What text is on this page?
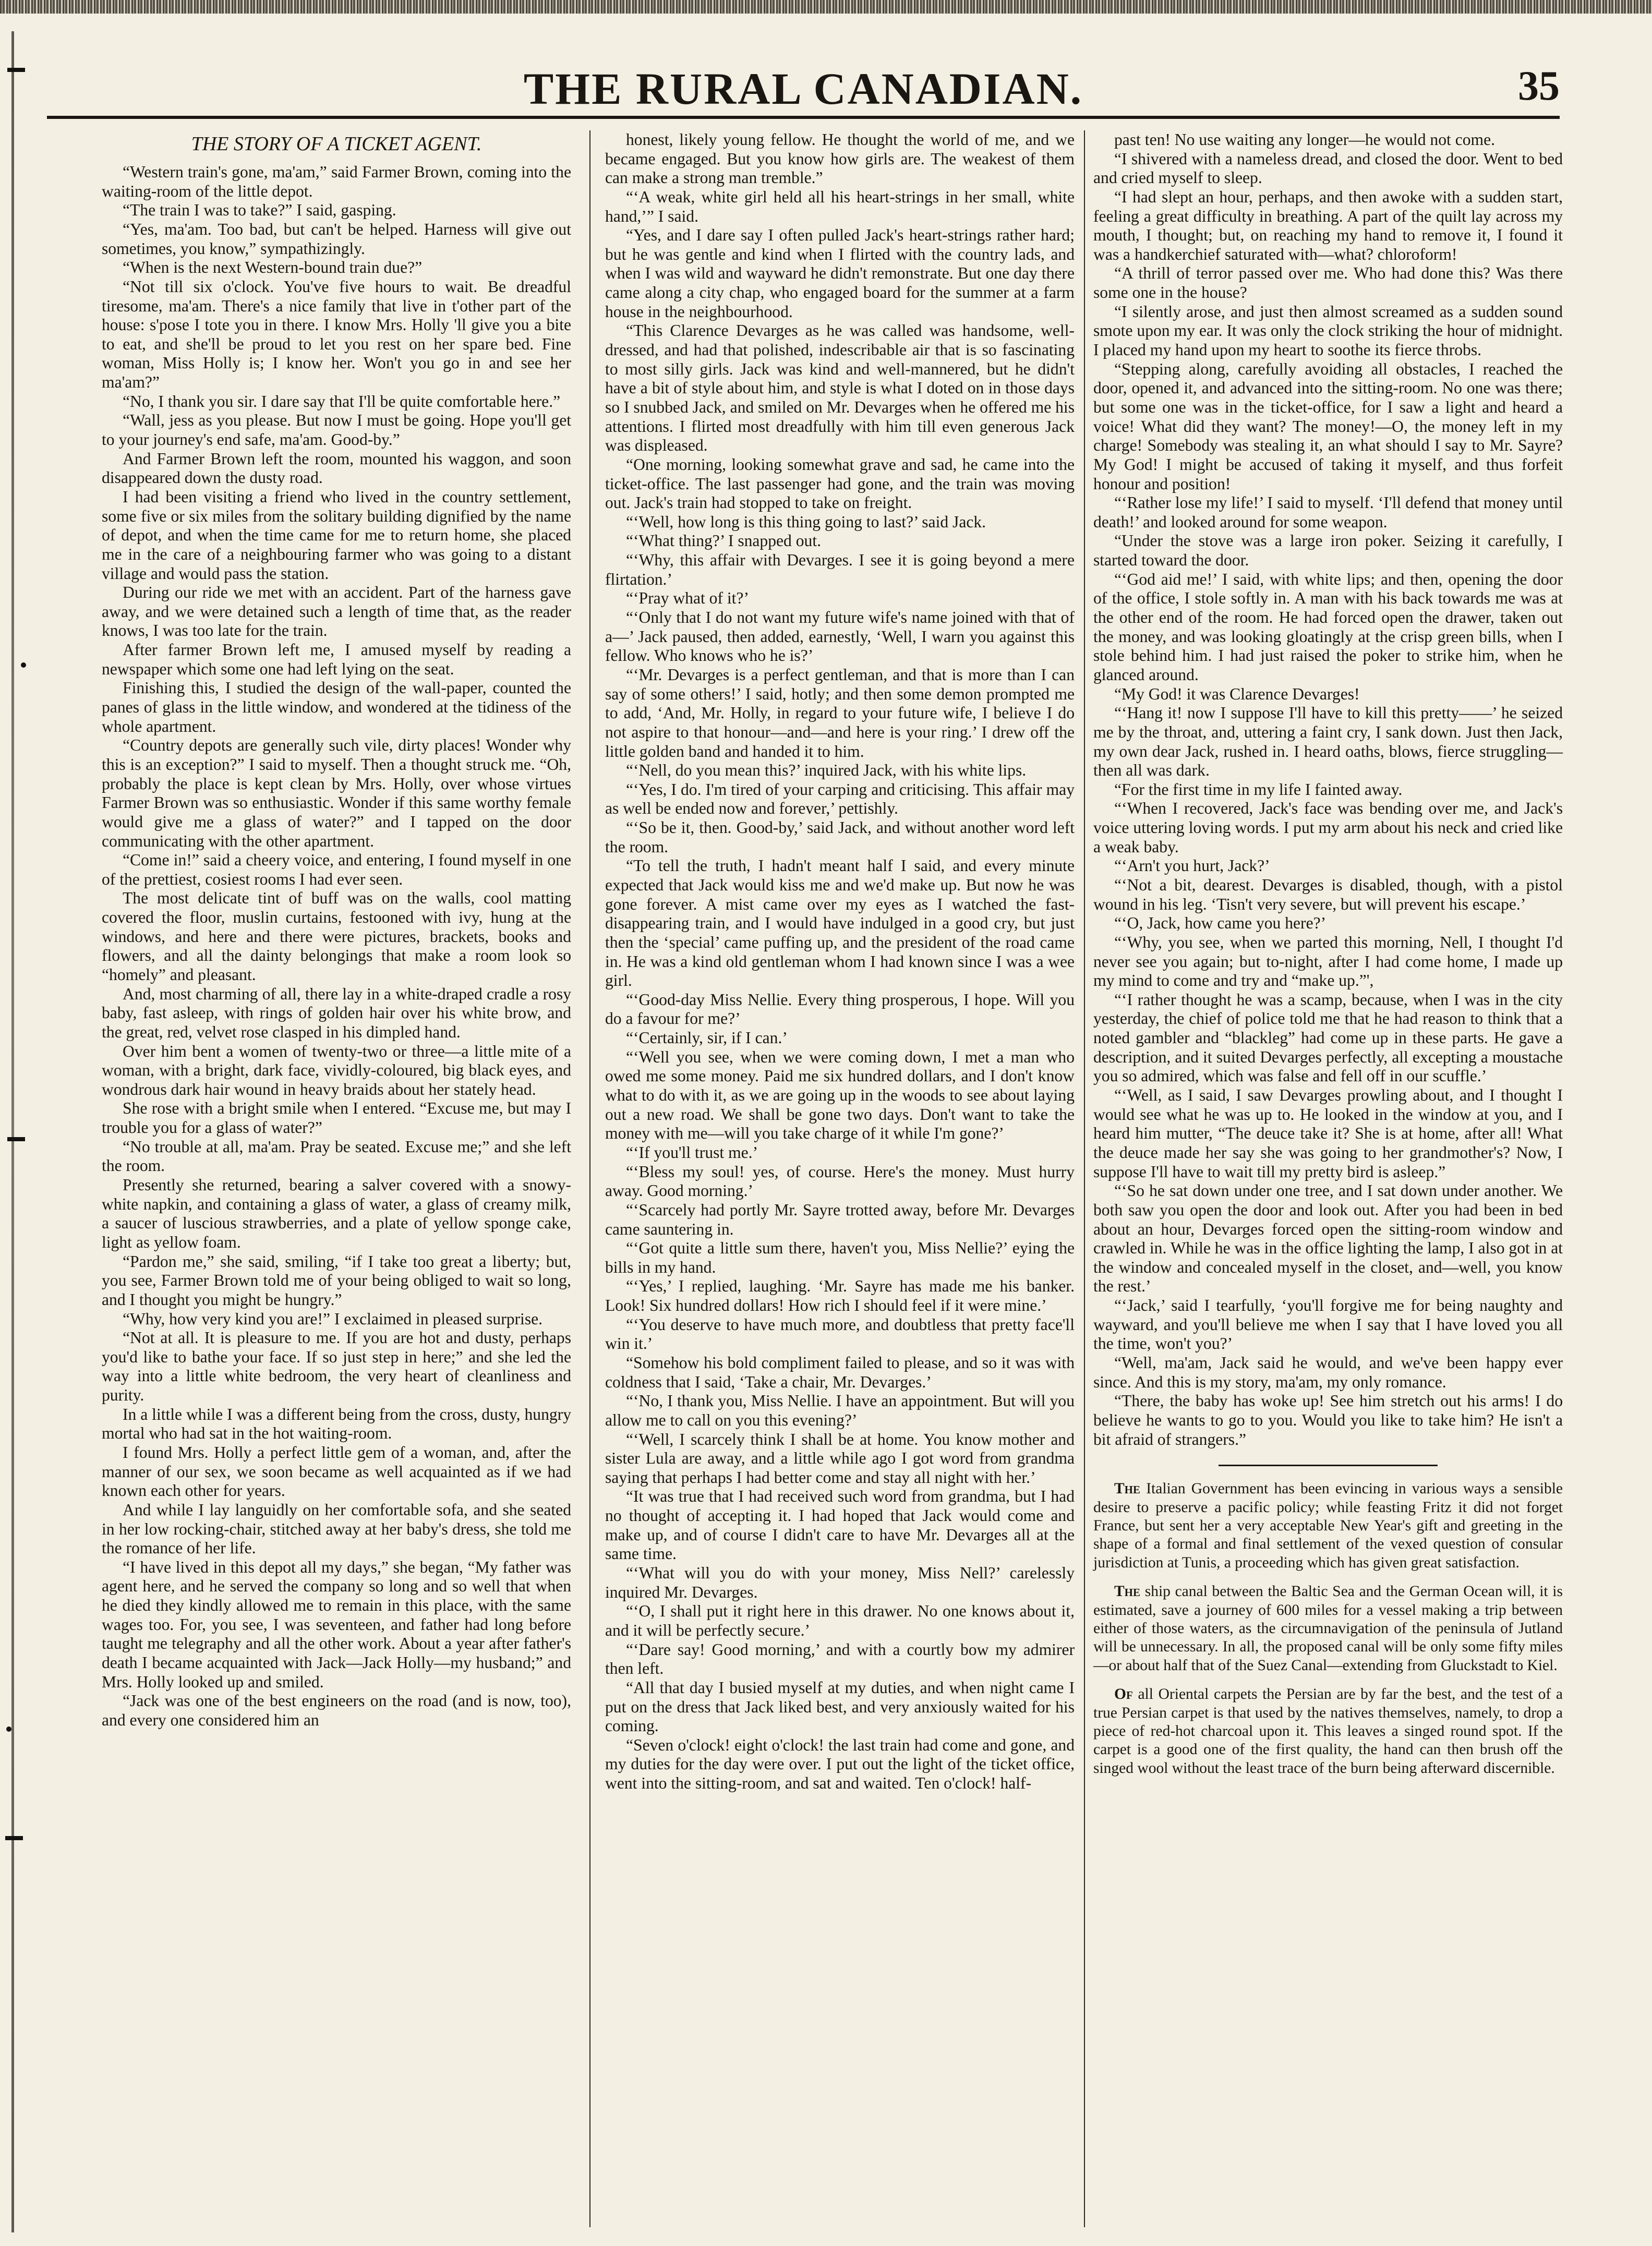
THE RURAL CANADIAN.	35

THE STORY OF A TICKET AGENT.

“Western train's gone, ma'am,” said Farmer Brown, coming into the waiting-room of the little depot.

“The train I was to take?” I said, gasping.

“Yes, ma'am. Too bad, but can't be helped. Harness will give out sometimes, you know,” sympathizingly.

“When is the next Western-bound train due?”

“Not till six o'clock. You've five hours to wait. Be dreadful tiresome, ma'am. There's a nice family that live in t'other part of the house: s'pose I tote you in there. I know Mrs. Holly 'll give you a bite to eat, and she'll be proud to let you rest on her spare bed. Fine woman, Miss Holly is; I know her. Won't you go in and see her ma'am?”

“No, I thank you sir. I dare say that I'll be quite comfortable here.”

“Wall, jess as you please. But now I must be going. Hope you'll get to your journey's end safe, ma'am. Good-by.”

And Farmer Brown left the room, mounted his waggon, and soon disappeared down the dusty road.

I had been visiting a friend who lived in the country settlement, some five or six miles from the solitary building dignified by the name of depot, and when the time came for me to return home, she placed me in the care of a neighbouring farmer who was going to a distant village and would pass the station.

During our ride we met with an accident. Part of the harness gave away, and we were detained such a length of time that, as the reader knows, I was too late for the train.

After farmer Brown left me, I amused myself by reading a newspaper which some one had left lying on the seat.

Finishing this, I studied the design of the wall-paper, counted the panes of glass in the little window, and wondered at the tidiness of the whole apartment.

“Country depots are generally such vile, dirty places! Wonder why this is an exception?” I said to myself. Then a thought struck me. “Oh, probably the place is kept clean by Mrs. Holly, over whose virtues Farmer Brown was so enthusiastic. Wonder if this same worthy female would give me a glass of water?” and I tapped on the door communicating with the other apartment.

“Come in!” said a cheery voice, and entering, I found myself in one of the prettiest, cosiest rooms I had ever seen.

The most delicate tint of buff was on the walls, cool matting covered the floor, muslin curtains, festooned with ivy, hung at the windows, and here and there were pictures, brackets, books and flowers, and all the dainty belongings that make a room look so “homely” and pleasant.

And, most charming of all, there lay in a white-draped cradle a rosy baby, fast asleep, with rings of golden hair over his white brow, and the great, red, velvet rose clasped in his dimpled hand.

Over him bent a women of twenty-two or three—a little mite of a woman, with a bright, dark face, vividly-coloured, big black eyes, and wondrous dark hair wound in heavy braids about her stately head.

She rose with a bright smile when I entered. “Excuse me, but may I trouble you for a glass of water?”

“No trouble at all, ma'am. Pray be seated. Excuse me;” and she left the room.

Presently she returned, bearing a salver covered with a snowy-white napkin, and containing a glass of water, a glass of creamy milk, a saucer of luscious strawberries, and a plate of yellow sponge cake, light as yellow foam.

“Pardon me,” she said, smiling, “if I take too great a liberty; but, you see, Farmer Brown told me of your being obliged to wait so long, and I thought you might be hungry.”

“Why, how very kind you are!” I exclaimed in pleased surprise.

“Not at all. It is pleasure to me. If you are hot and dusty, perhaps you'd like to bathe your face. If so just step in here;” and she led the way into a little white bedroom, the very heart of cleanliness and purity.

In a little while I was a different being from the cross, dusty, hungry mortal who had sat in the hot waiting-room.

I found Mrs. Holly a perfect little gem of a woman, and, after the manner of our sex, we soon became as well acquainted as if we had known each other for years.

And while I lay languidly on her comfortable sofa, and she seated in her low rocking-chair, stitched away at her baby's dress, she told me the romance of her life.

“I have lived in this depot all my days,” she began, “My father was agent here, and he served the company so long and so well that when he died they kindly allowed me to remain in this place, with the same wages too. For, you see, I was seventeen, and father had long before taught me telegraphy and all the other work. About a year after father's death I became acquainted with Jack—Jack Holly—my husband;” and Mrs. Holly looked up and smiled.

“Jack was one of the best engineers on the road (and is now, too), and every one considered him an

honest, likely young fellow. He thought the world of me, and we became engaged. But you know how girls are. The weakest of them can make a strong man tremble.”

“‘A weak, white girl held all his heart-strings in her small, white hand,’” I said.

“Yes, and I dare say I often pulled Jack's heart-strings rather hard; but he was gentle and kind when I flirted with the country lads, and when I was wild and wayward he didn't remonstrate. But one day there came along a city chap, who engaged board for the summer at a farm house in the neighbourhood.

“This Clarence Devarges as he was called was handsome, well-dressed, and had that polished, indescribable air that is so fascinating to most silly girls. Jack was kind and well-mannered, but he didn't have a bit of style about him, and style is what I doted on in those days so I snubbed Jack, and smiled on Mr. Devarges when he offered me his attentions. I flirted most dreadfully with him till even generous Jack was displeased.

“One morning, looking somewhat grave and sad, he came into the ticket-office. The last passenger had gone, and the train was moving out. Jack's train had stopped to take on freight.

“‘Well, how long is this thing going to last?’ said Jack.

“‘What thing?’ I snapped out.

“‘Why, this affair with Devarges. I see it is going beyond a mere flirtation.’

“‘Pray what of it?’

“‘Only that I do not want my future wife's name joined with that of a—’ Jack paused, then added, earnestly, ‘Well, I warn you against this fellow. Who knows who he is?’

“‘Mr. Devarges is a perfect gentleman, and that is more than I can say of some others!’ I said, hotly; and then some demon prompted me to add, ‘And, Mr. Holly, in regard to your future wife, I believe I do not aspire to that honour—and—and here is your ring.’ I drew off the little golden band and handed it to him.

“‘Nell, do you mean this?’ inquired Jack, with his white lips.

“‘Yes, I do. I'm tired of your carping and criticising. This affair may as well be ended now and forever,’ pettishly.

“‘So be it, then. Good-by,’ said Jack, and without another word left the room.

“To tell the truth, I hadn't meant half I said, and every minute expected that Jack would kiss me and we'd make up. But now he was gone forever. A mist came over my eyes as I watched the fast-disappearing train, and I would have indulged in a good cry, but just then the ‘special’ came puffing up, and the president of the road came in. He was a kind old gentleman whom I had known since I was a wee girl.

“‘Good-day Miss Nellie. Every thing prosperous, I hope. Will you do a favour for me?’

“‘Certainly, sir, if I can.’

“‘Well you see, when we were coming down, I met a man who owed me some money. Paid me six hundred dollars, and I don't know what to do with it, as we are going up in the woods to see about laying out a new road. We shall be gone two days. Don't want to take the money with me—will you take charge of it while I'm gone?’

“‘If you'll trust me.’

“‘Bless my soul! yes, of course. Here's the money. Must hurry away. Good morning.’

“‘Scarcely had portly Mr. Sayre trotted away, before Mr. Devarges came sauntering in.

“‘Got quite a little sum there, haven't you, Miss Nellie?’ eying the bills in my hand.

“‘Yes,’ I replied, laughing. ‘Mr. Sayre has made me his banker. Look! Six hundred dollars! How rich I should feel if it were mine.’

“‘You deserve to have much more, and doubtless that pretty face'll win it.’

“Somehow his bold compliment failed to please, and so it was with coldness that I said, ‘Take a chair, Mr. Devarges.’

“‘No, I thank you, Miss Nellie. I have an appointment. But will you allow me to call on you this evening?’

“‘Well, I scarcely think I shall be at home. You know mother and sister Lula are away, and a little while ago I got word from grandma saying that perhaps I had better come and stay all night with her.’

“It was true that I had received such word from grandma, but I had no thought of accepting it. I had hoped that Jack would come and make up, and of course I didn't care to have Mr. Devarges all at the same time.

“‘What will you do with your money, Miss Nell?’ carelessly inquired Mr. Devarges.

“‘O, I shall put it right here in this drawer. No one knows about it, and it will be perfectly secure.’

“‘Dare say! Good morning,’ and with a courtly bow my admirer then left.

“All that day I busied myself at my duties, and when night came I put on the dress that Jack liked best, and very anxiously waited for his coming.

“Seven o'clock! eight o'clock! the last train had come and gone, and my duties for the day were over. I put out the light of the ticket office, went into the sitting-room, and sat and waited. Ten o'clock! half-

past ten! No use waiting any longer—he would not come.

“I shivered with a nameless dread, and closed the door. Went to bed and cried myself to sleep.

“I had slept an hour, perhaps, and then awoke with a sudden start, feeling a great difficulty in breathing. A part of the quilt lay across my mouth, I thought; but, on reaching my hand to remove it, I found it was a handkerchief saturated with—what? chloroform!

“A thrill of terror passed over me. Who had done this? Was there some one in the house?

“I silently arose, and just then almost screamed as a sudden sound smote upon my ear. It was only the clock striking the hour of midnight. I placed my hand upon my heart to soothe its fierce throbs.

“Stepping along, carefully avoiding all obstacles, I reached the door, opened it, and advanced into the sitting-room. No one was there; but some one was in the ticket-office, for I saw a light and heard a voice! What did they want? The money!—O, the money left in my charge! Somebody was stealing it, an what should I say to Mr. Sayre? My God! I might be accused of taking it myself, and thus forfeit honour and position!

“‘Rather lose my life!’ I said to myself. ‘I'll defend that money until death!’ and looked around for some weapon.

“Under the stove was a large iron poker. Seizing it carefully, I started toward the door.

“‘God aid me!’ I said, with white lips; and then, opening the door of the office, I stole softly in. A man with his back towards me was at the other end of the room. He had forced open the drawer, taken out the money, and was looking gloatingly at the crisp green bills, when I stole behind him. I had just raised the poker to strike him, when he glanced around.

“My God! it was Clarence Devarges!

“‘Hang it! now I suppose I'll have to kill this pretty——’ he seized me by the throat, and, uttering a faint cry, I sank down. Just then Jack, my own dear Jack, rushed in. I heard oaths, blows, fierce struggling—then all was dark.

“For the first time in my life I fainted away.

“‘When I recovered, Jack's face was bending over me, and Jack's voice uttering loving words. I put my arm about his neck and cried like a weak baby.

“‘Arn't you hurt, Jack?’

“‘Not a bit, dearest. Devarges is disabled, though, with a pistol wound in his leg. ‘Tisn't very severe, but will prevent his escape.’

“‘O, Jack, how came you here?’

“‘Why, you see, when we parted this morning, Nell, I thought I'd never see you again; but to-night, after I had come home, I made up my mind to come and try and “make up.”',

“‘I rather thought he was a scamp, because, when I was in the city yesterday, the chief of police told me that he had reason to think that a noted gambler and “blackleg” had come up in these parts. He gave a description, and it suited Devarges perfectly, all excepting a moustache you so admired, which was false and fell off in our scuffle.’

“‘Well, as I said, I saw Devarges prowling about, and I thought I would see what he was up to. He looked in the window at you, and I heard him mutter, “The deuce take it? She is at home, after all! What the deuce made her say she was going to her grandmother's? Now, I suppose I'll have to wait till my pretty bird is asleep.”

“‘So he sat down under one tree, and I sat down under another. We both saw you open the door and look out. After you had been in bed about an hour, Devarges forced open the sitting-room window and crawled in. While he was in the office lighting the lamp, I also got in at the window and concealed myself in the closet, and—well, you know the rest.’

“‘Jack,’ said I tearfully, ‘you'll forgive me for being naughty and wayward, and you'll believe me when I say that I have loved you all the time, won't you?’

“Well, ma'am, Jack said he would, and we've been happy ever since. And this is my story, ma'am, my only romance.

“There, the baby has woke up! See him stretch out his arms! I do believe he wants to go to you. Would you like to take him? He isn't a bit afraid of strangers.”

The Italian Government has been evincing in various ways a sensible desire to preserve a pacific policy; while feasting Fritz it did not forget France, but sent her a very acceptable New Year's gift and greeting in the shape of a formal and final settlement of the vexed question of consular jurisdiction at Tunis, a proceeding which has given great satisfaction.

The ship canal between the Baltic Sea and the German Ocean will, it is estimated, save a journey of 600 miles for a vessel making a trip between either of those waters, as the circumnavigation of the peninsula of Jutland will be unnecessary. In all, the proposed canal will be only some fifty miles—or about half that of the Suez Canal—extending from Gluckstadt to Kiel.

Of all Oriental carpets the Persian are by far the best, and the test of a true Persian carpet is that used by the natives themselves, namely, to drop a piece of red-hot charcoal upon it. This leaves a singed round spot. If the carpet is a good one of the first quality, the hand can then brush off the singed wool without the least trace of the burn being afterward discernible.
